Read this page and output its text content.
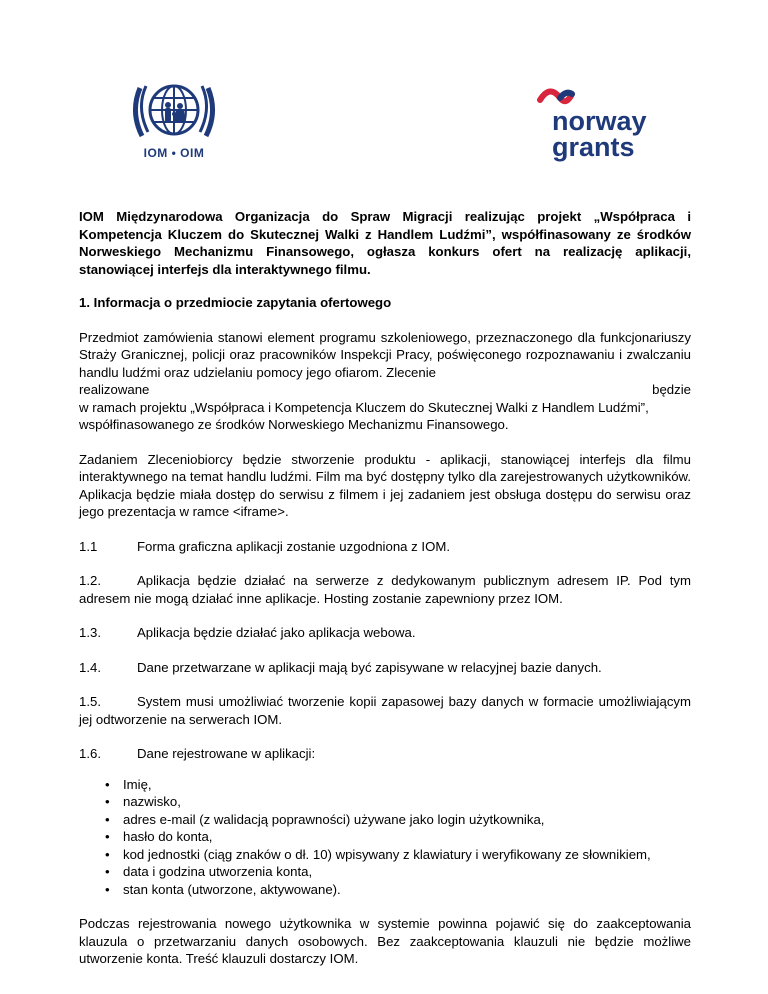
IOM • OIM
norway
grants

IOM Międzynarodowa Organizacja do Spraw Migracji realizując projekt „Współpraca i Kompetencja Kluczem do Skutecznej Walki z Handlem Ludźmi”, współfinasowany ze środków Norweskiego Mechanizmu Finansowego, ogłasza konkurs ofert na realizację aplikacji, stanowiącej interfejs dla interaktywnego filmu.

1. Informacja o przedmiocie zapytania ofertowego

Przedmiot zamówienia stanowi element programu szkoleniowego, przeznaczonego dla funkcjonariuszy Straży Granicznej, policji oraz pracowników Inspekcji Pracy, poświęconego rozpoznawaniu i zwalczaniu handlu ludźmi oraz udzielaniu pomocy jego ofiarom. Zlecenie

realizowane	będzie

w ramach projektu „Współpraca i Kompetencja Kluczem do Skutecznej Walki z Handlem Ludźmi”, współfinasowanego ze środków Norweskiego Mechanizmu Finansowego.

Zadaniem Zleceniobiorcy będzie stworzenie produktu - aplikacji, stanowiącej interfejs dla filmu interaktywnego na temat handlu ludźmi. Film ma być dostępny tylko dla zarejestrowanych użytkowników. Aplikacja będzie miała dostęp do serwisu z filmem i jej zadaniem jest obsługa dostępu do serwisu oraz jego prezentacja w ramce <iframe>.

1.1	Forma graficzna aplikacji zostanie uzgodniona z IOM.

1.2.	Aplikacja będzie działać na serwerze z dedykowanym publicznym adresem IP. Pod tym adresem nie mogą działać inne aplikacje. Hosting zostanie zapewniony przez IOM.

1.3.	Aplikacja będzie działać jako aplikacja webowa.
1.4.	Dane przetwarzane w aplikacji mają być zapisywane w relacyjnej bazie danych.

1.5.	System musi umożliwiać tworzenie kopii zapasowej bazy danych w formacie umożliwiającym jej odtworzenie na serwerach IOM.

1.6.	Dane rejestrowane w aplikacji:
• Imię,
• nazwisko,
• adres e-mail (z walidacją poprawności) używane jako login użytkownika,
• hasło do konta,
• kod jednostki (ciąg znaków o dł. 10) wpisywany z klawiatury i weryfikowany ze słownikiem,
• data i godzina utworzenia konta,
• stan konta (utworzone, aktywowane).

Podczas rejestrowania nowego użytkownika w systemie powinna pojawić się do zaakceptowania klauzula o przetwarzaniu danych osobowych. Bez zaakceptowania klauzuli nie będzie możliwe utworzenie konta. Treść klauzuli dostarczy IOM.
